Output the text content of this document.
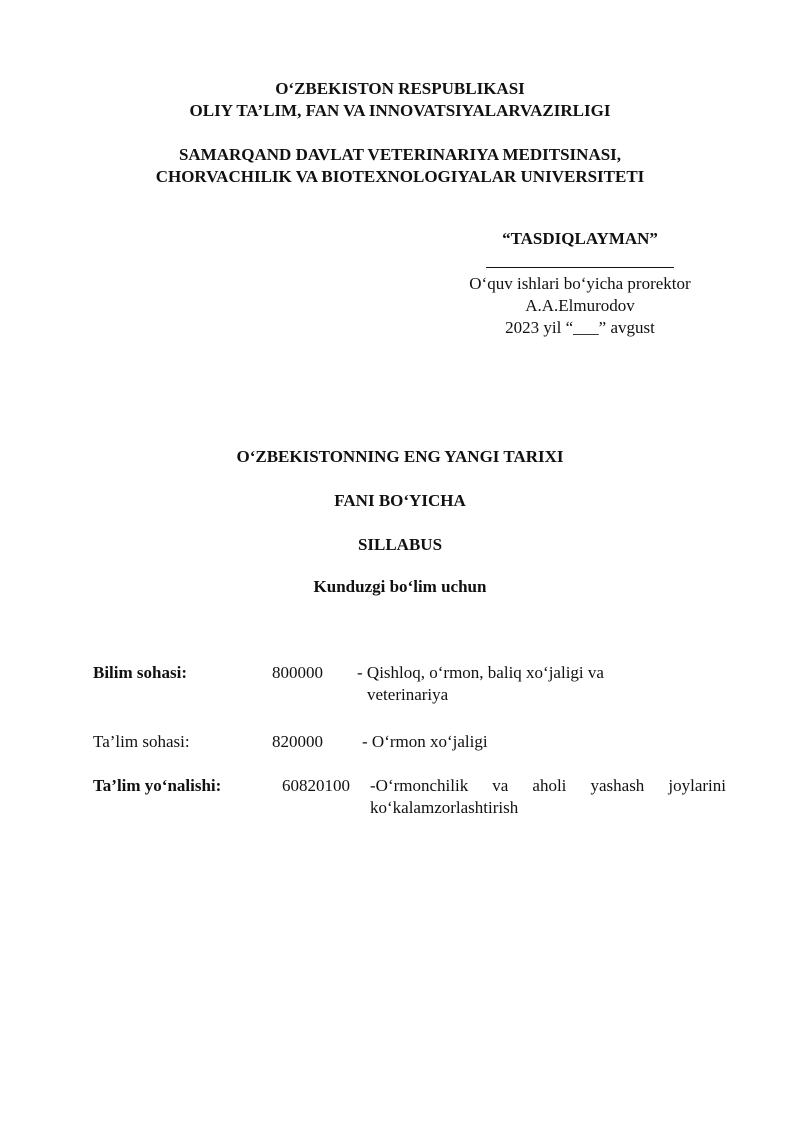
O‘ZBEKISTON RESPUBLIKASI
OLIY TA’LIM, FAN VA INNOVATSIYALARVAZIRLIGI
SAMARQAND DAVLAT VETERINARIYA MEDITSINASI,
CHORVACHILIK VA BIOTEXNOLOGIYALAR UNIVERSITETI
“TASDIQLAYMAN”
O‘quv ishlari bo‘yicha prorektor
A.A.Elmurodov
2023 yil “___” avgust
O‘ZBEKISTONNING ENG YANGI TARIXI
FANI BO‘YICHA
SILLABUS
Kunduzgi bo‘lim uchun
Bilim sohasi:	800000 - Qishloq, o‘rmon, baliq xo‘jaligi va
veterinariya
Ta’lim sohasi:	820000 - O‘rmon xo‘jaligi
Ta’lim yo‘nalishi:	60820100 -O‘rmonchilik va aholi yashash joylarini
ko‘kalamzorlashtirish
